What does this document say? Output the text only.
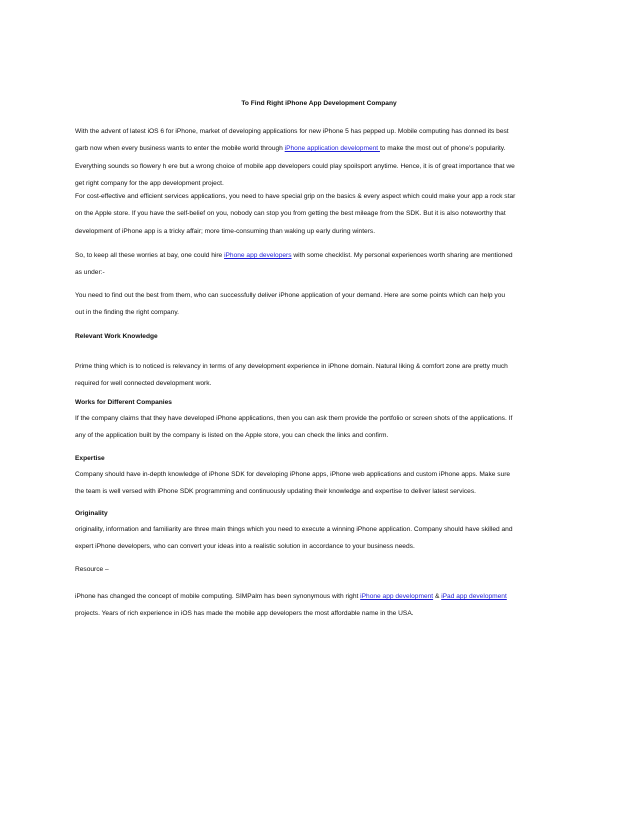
To Find Right iPhone App Development Company
With the advent of latest iOS 6 for iPhone, market of developing applications for new iPhone 5 has pepped up. Mobile computing has donned its best
garb now when every business wants to enter the mobile world through iPhone application development to make the most out of phone’s popularity.
Everything sounds so flowery h ere but a wrong choice of mobile app developers could play spoilsport anytime. Hence, it is of great importance that we
get right company for the app development project.
For cost-effective and efficient services applications, you need to have special grip on the basics & every aspect which could make your app a rock star
on the Apple store. If you have the self-belief on you, nobody can stop you from getting the best mileage from the SDK. But it is also noteworthy that
development of iPhone app is a tricky affair; more time-consuming than waking up early during winters.
So, to keep all these worries at bay, one could hire iPhone app developers with some checklist. My personal experiences worth sharing are mentioned
as under:-
You need to find out the best from them, who can successfully deliver iPhone application of your demand. Here are some points which can help you
out in the finding the right company.
Relevant Work Knowledge
Prime thing which is to noticed is relevancy in terms of any development experience in iPhone domain. Natural liking & comfort zone are pretty much
required for well connected development work.
Works for Different Companies
If the company claims that they have developed iPhone applications, then you can ask them provide the portfolio or screen shots of the applications. If
any of the application built by the company is listed on the Apple store, you can check the links and confirm.
Expertise
Company should have in-depth knowledge of iPhone SDK for developing iPhone apps, iPhone web applications and custom iPhone apps. Make sure
the team is well versed with iPhone SDK programming and continuously updating their knowledge and expertise to deliver latest services.
Originality
originality, information and familiarity are three main things which you need to execute a winning iPhone application. Company should have skilled and
expert iPhone developers, who can convert your ideas into a realistic solution in accordance to your business needs.
Resource –
iPhone has changed the concept of mobile computing. SIMPalm has been synonymous with right iPhone app development & iPad app development
projects. Years of rich experience in iOS has made the mobile app developers the most affordable name in the USA.
